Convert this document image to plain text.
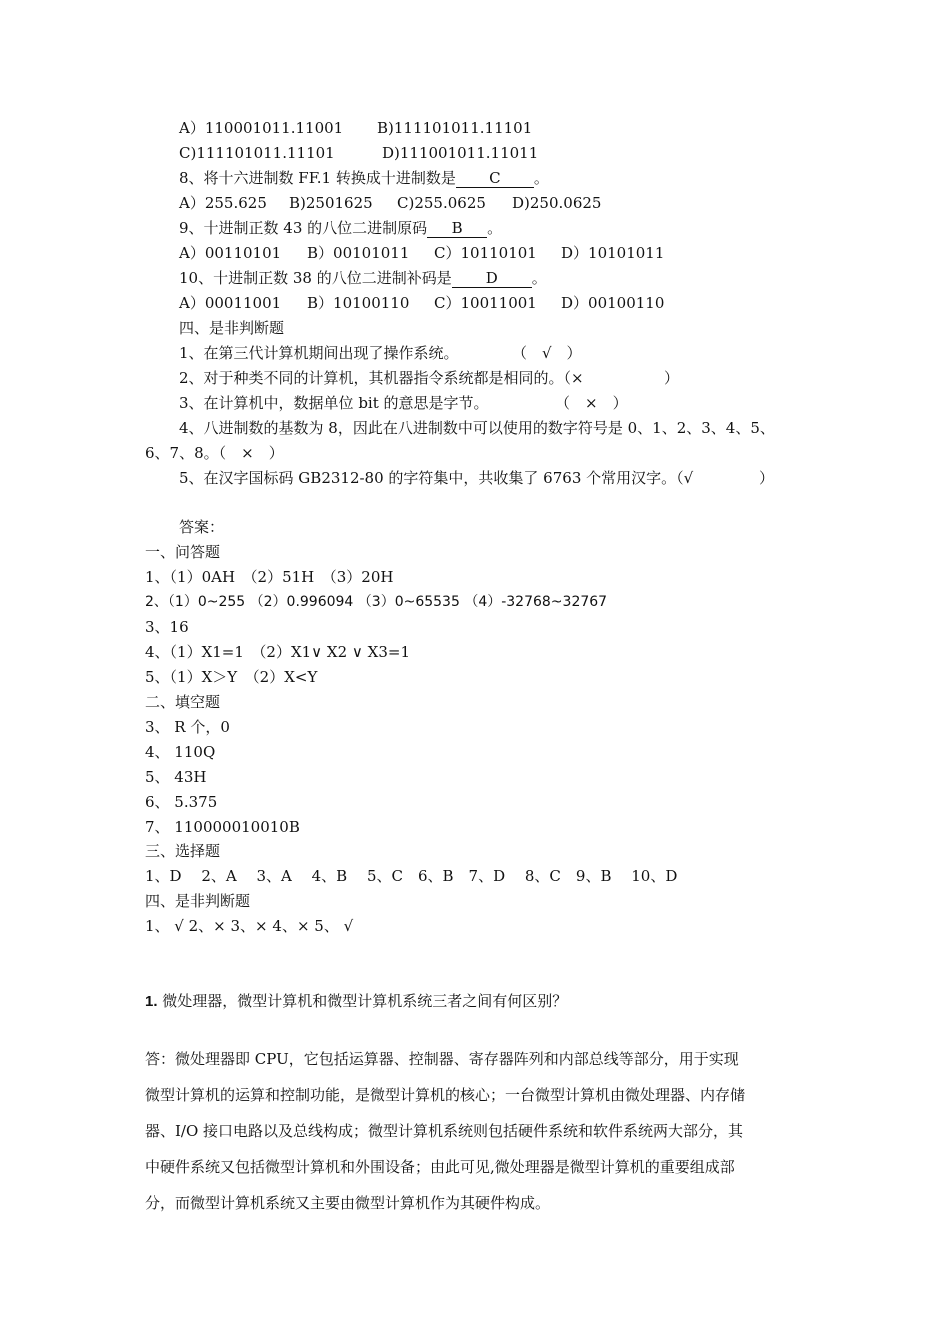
A）110001011.11001 B)111101011.11101
C)111101011.11101	D)111001011.11011
8、将十六进制数 FF.1 转换成十进制数是 C 。
A）255.625 B)2501625 C)255.0625 D)250.0625
9、十进制正数 43 的八位二进制原码 B 。
A）00110101 B）00101011 C）10110101 D）10101011
10、十进制正数 38 的八位二进制补码是 D 。
A）00011001 B）10100110 C）10011001 D）00100110
四、是非判断题
1、在第三代计算机期间出现了操作系统。	（　√　）
2、对于种类不同的计算机，其机器指令系统都是相同的。（×	）
3、在计算机中，数据单位 bit 的意思是字节。	（　×　）
4、八进制数的基数为 8，因此在八进制数中可以使用的数字符号是 0、1、2、3、4、5、
6、7、8。（　×　）
5、在汉字国标码 GB2312-80 的字符集中，共收集了 6763 个常用汉字。（√	）
答案：
一、问答题
1、（1）0AH　（2）51H　（3）20H
2、（1）0~255 （2）0.996094 （3）0~65535 （4）-32768~32767
3、16
4、（1）X1=1　（2）X1∨ X2 ∨ X3=1
5、（1）X＞Y　（2）X<Y
二、填空题
3、 R 个，0
4、 110Q
5、 43H
6、 5.375
7、 110000010010B
三、选择题
1、D　 2、A　 3、A　 4、B　 5、C　6、B　7、D　 8、C　9、B　 10、D
四、是非判断题
1、 √ 2、× 3、× 4、× 5、 √
1. 微处理器，微型计算机和微型计算机系统三者之间有何区别？
答：微处理器即 CPU，它包括运算器、控制器、寄存器阵列和内部总线等部分，用于实现
微型计算机的运算和控制功能，是微型计算机的核心；一台微型计算机由微处理器、内存储
器、I/O 接口电路以及总线构成；微型计算机系统则包括硬件系统和软件系统两大部分，其
中硬件系统又包括微型计算机和外围设备；由此可见,微处理器是微型计算机的重要组成部
分，而微型计算机系统又主要由微型计算机作为其硬件构成。
